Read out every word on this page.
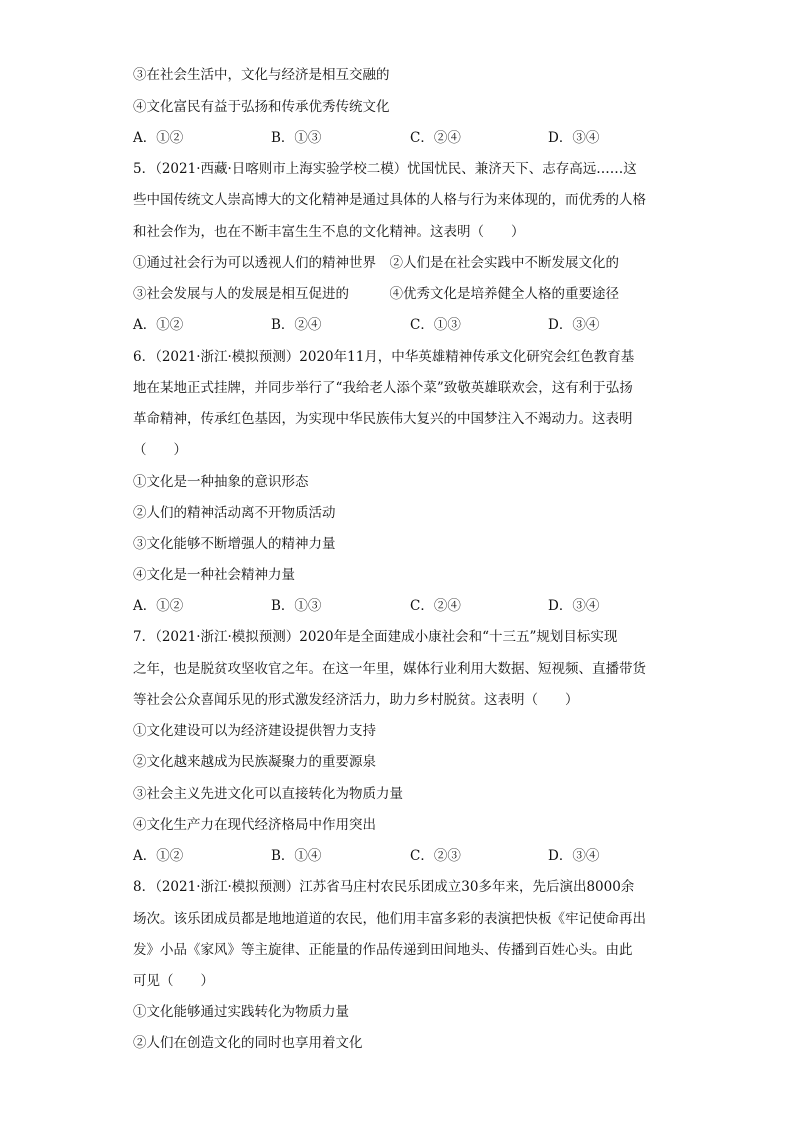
③在社会生活中，文化与经济是相互交融的
④文化富民有益于弘扬和传承优秀传统文化
A．①②	B．①③	C．②④	D．③④
5．（2021·西藏·日喀则市上海实验学校二模）忧国忧民、兼济天下、志存高远……这
些中国传统文人崇高博大的文化精神是通过具体的人格与行为来体现的，而优秀的人格
和社会作为，也在不断丰富生生不息的文化精神。这表明（　　）
①通过社会行为可以透视人们的精神世界　②人们是在社会实践中不断发展文化的
③社会发展与人的发展是相互促进的　　　④优秀文化是培养健全人格的重要途径
A．①②	B．②④	C．①③	D．③④
6．（2021·浙江·模拟预测）2020年11月，中华英雄精神传承文化研究会红色教育基
地在某地正式挂牌，并同步举行了“我给老人添个菜”致敬英雄联欢会，这有利于弘扬
革命精神，传承红色基因，为实现中华民族伟大复兴的中国梦注入不竭动力。这表明
（　　）
①文化是一种抽象的意识形态
②人们的精神活动离不开物质活动
③文化能够不断增强人的精神力量
④文化是一种社会精神力量
A．①②	B．①③	C．②④	D．③④
7．（2021·浙江·模拟预测）2020年是全面建成小康社会和“十三五”规划目标实现
之年，也是脱贫攻坚收官之年。在这一年里，媒体行业利用大数据、短视频、直播带货
等社会公众喜闻乐见的形式激发经济活力，助力乡村脱贫。这表明（　　）
①文化建设可以为经济建设提供智力支持
②文化越来越成为民族凝聚力的重要源泉
③社会主义先进文化可以直接转化为物质力量
④文化生产力在现代经济格局中作用突出
A．①②	B．①④	C．②③	D．③④
8．（2021·浙江·模拟预测）江苏省马庄村农民乐团成立30多年来，先后演出8000余
场次。该乐团成员都是地地道道的农民，他们用丰富多彩的表演把快板《牢记使命再出
发》小品《家风》等主旋律、正能量的作品传递到田间地头、传播到百姓心头。由此
可见（　　）
①文化能够通过实践转化为物质力量
②人们在创造文化的同时也享用着文化
